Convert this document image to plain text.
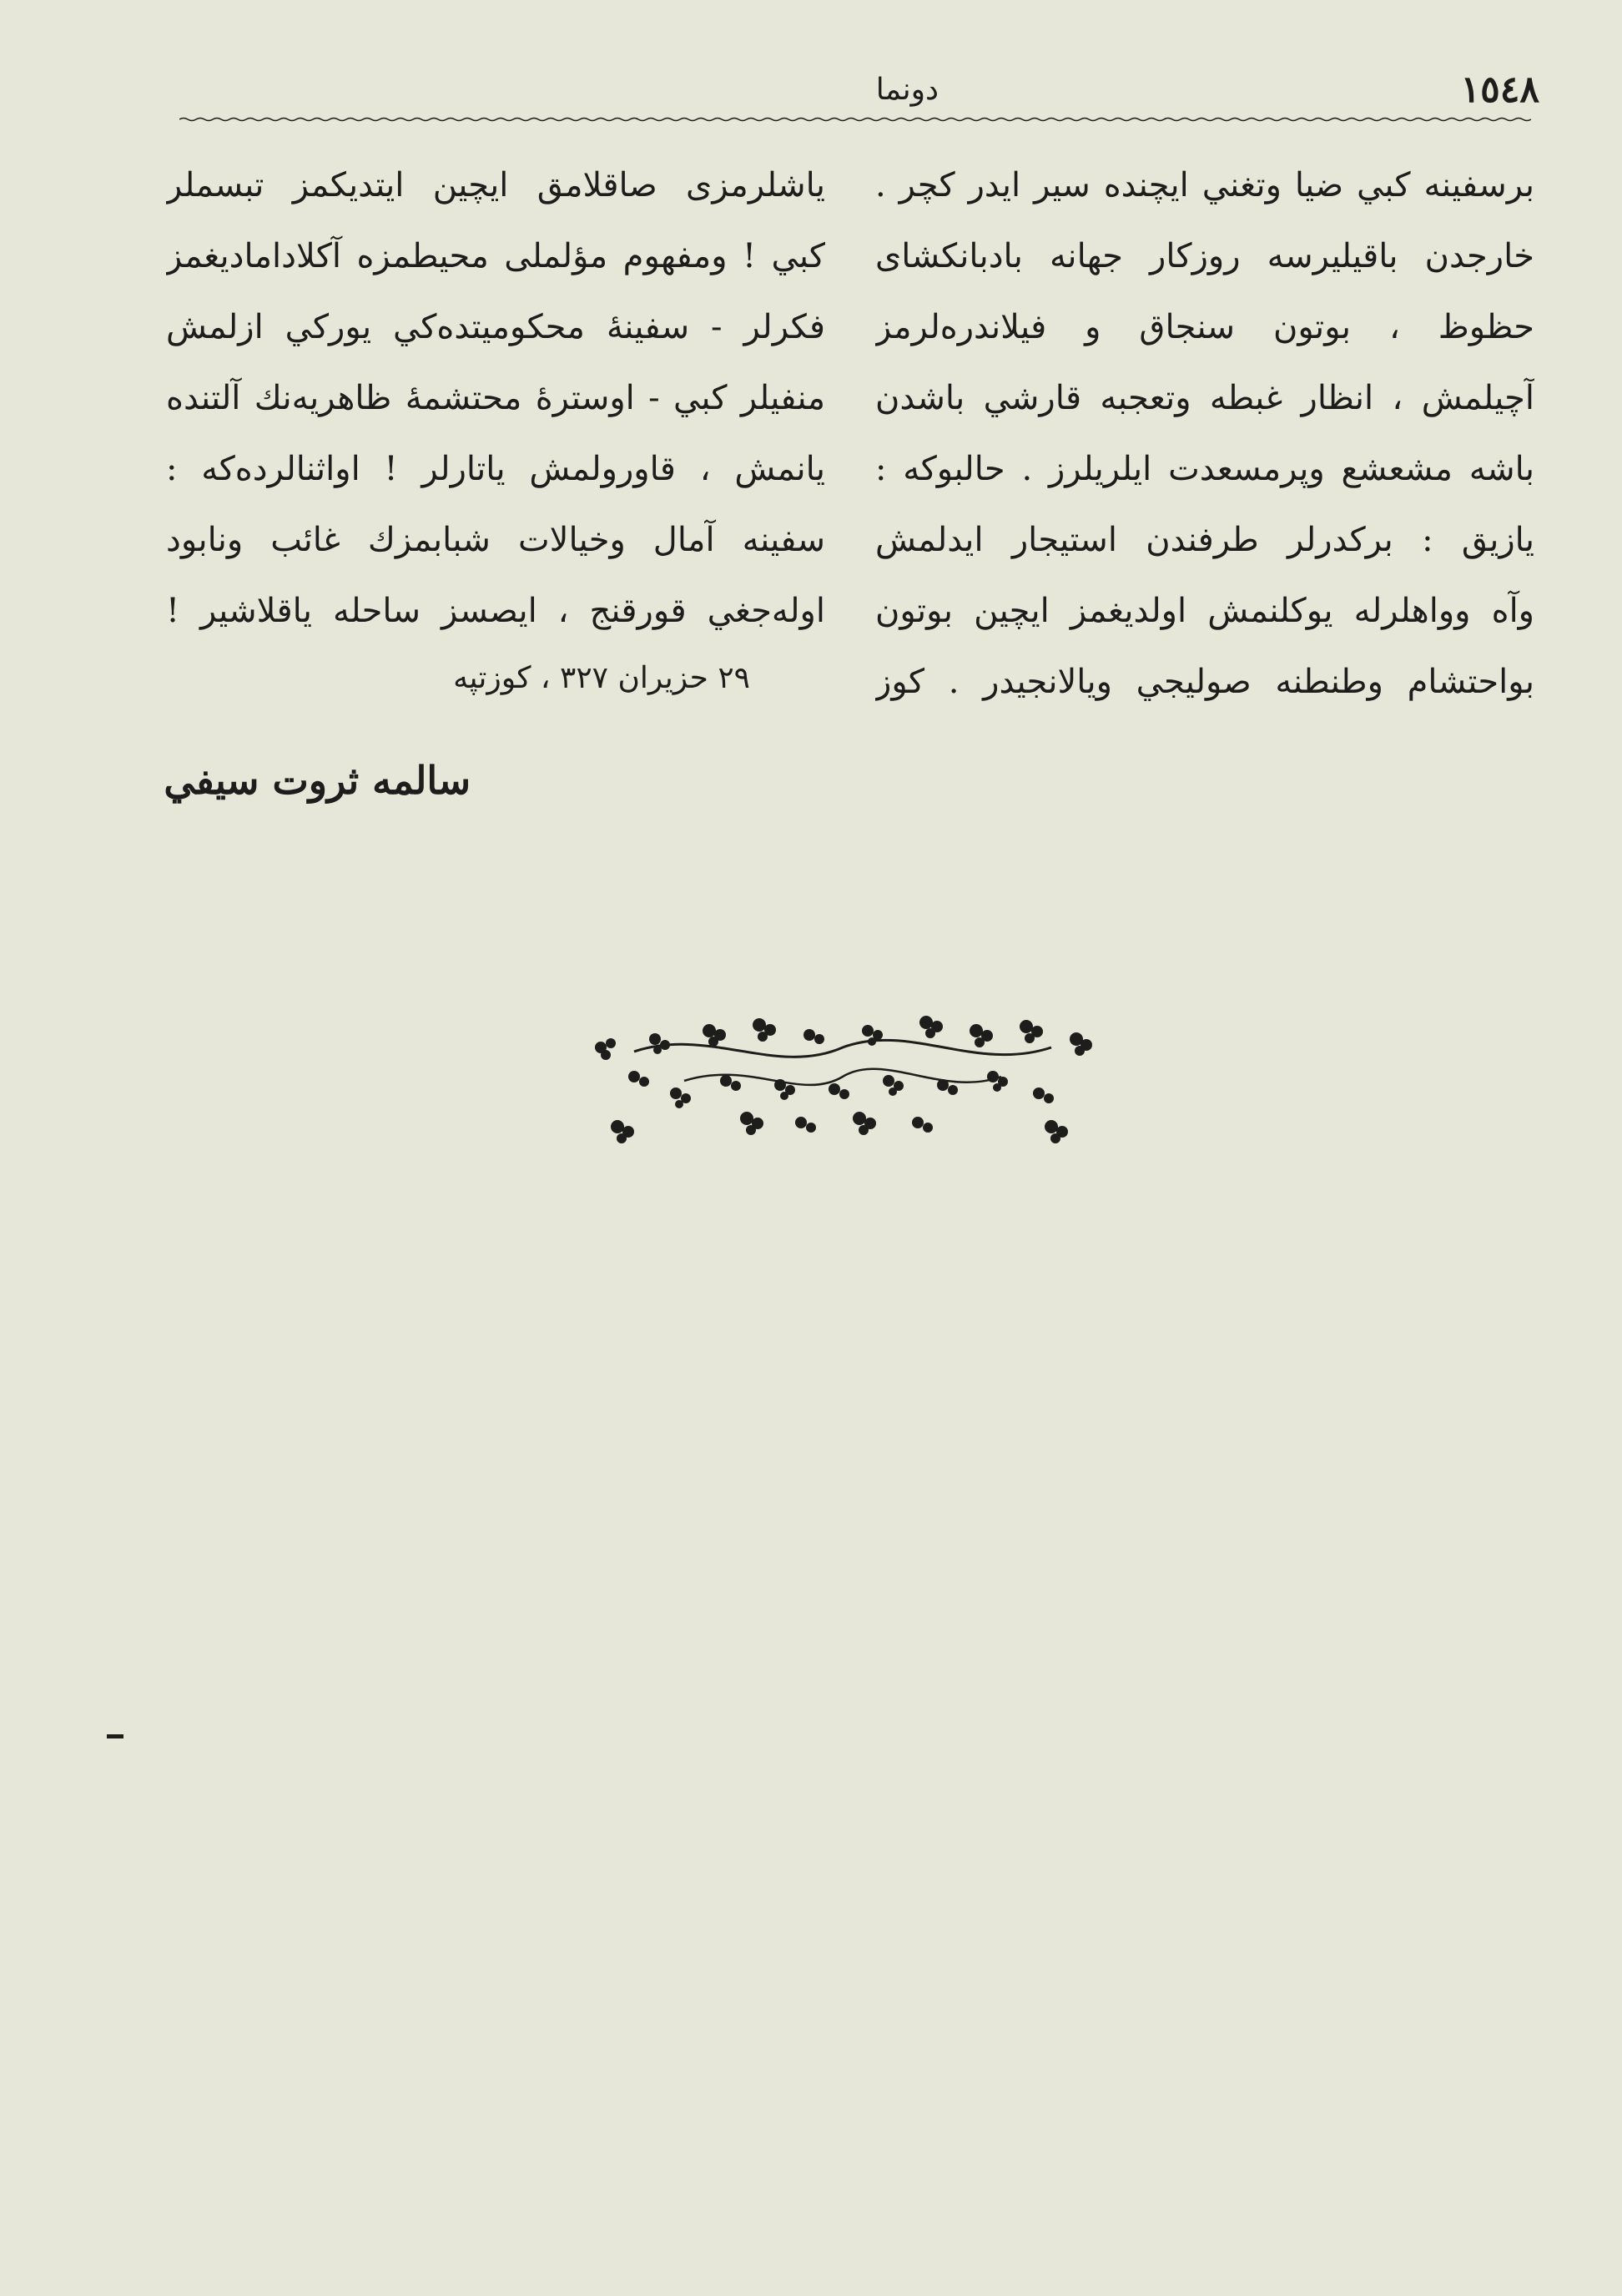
١٥٤٨
دونما

برسفينه كبي ضيا وتغني ايچنده سير ايدر كچر .

خارجدن باقيليرسه روزكار جهانه بادبانكشاى

حظوظ ، بوتون سنجاق و فيلاندره‌لرمز

آچيلمش ، انظار غبطه وتعجبه قارشي باشدن

باشه مشعشع وپرمسعدت ايلريلرز . حالبوكه :

يازيق : بركدرلر طرفندن استيجار ايدلمش

وآه وواهلرله يوكلنمش اولديغمز ايچين بوتون

بواحتشام وطنطنه صوليجي ويالانجيدر . كوز

ياشلرمزى صاقلامق ايچين ايتديكمز تبسملر

كبي ! ومفهوم مؤلملى محيطمزه آكلادامادیغمز

فكرلر - سفينهٔ محكوميتده‌كي يوركي ازلمش

منفيلر كبي - اوسترهٔ محتشمهٔ ظاهريه‌نك آلتنده

يانمش ، قاورولمش ياتارلر ! اواثنالرده‌كه :

سفينه آمال وخيالات شبابمزك غائب ونابود

اوله‌جغي قورقنج ، ايصسز ساحله ياقلاشير !

٢٩ حزيران ٣٢٧ ، كوزتپه
سالمه ثروت سيفي
